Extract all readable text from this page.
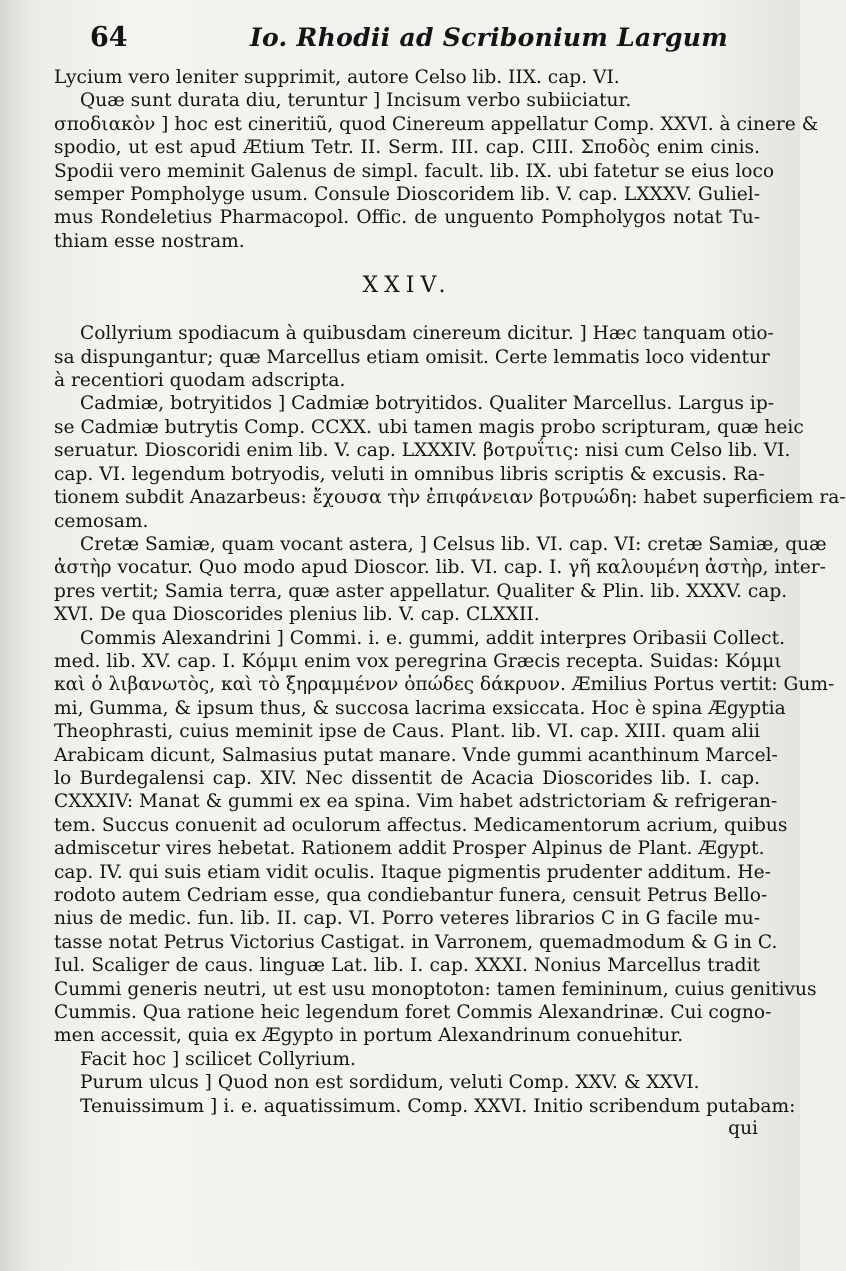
64	Io. Rhodii ad Scribonium Largum
Lycium vero leniter supprimit, autore Celso lib. IIX. cap. VI.
Quæ sunt durata diu, teruntur ] Incisum verbo subiiciatur.
σποδιακὸν ] hoc est cineritiũ, quod Cinereum appellatur Comp. XXVI. à cinere &
spodio, ut est apud Ætium Tetr. II. Serm. III. cap. CIII. Σποδὸς enim cinis.
Spodii vero meminit Galenus de simpl. facult. lib. IX. ubi fatetur se eius loco
semper Pompholyge usum. Consule Dioscoridem lib. V. cap. LXXXV. Guliel-
mus Rondeletius Pharmacopol. Offic. de unguento Pompholygos notat Tu-
thiam esse nostram.
XXIV.
Collyrium spodiacum à quibusdam cinereum dicitur. ] Hæc tanquam otio-
sa dispungantur; quæ Marcellus etiam omisit. Certe lemmatis loco videntur
à recentiori quodam adscripta.
Cadmiæ, botryitidos ] Cadmiæ botryitidos. Qualiter Marcellus. Largus ip-
se Cadmiæ butrytis Comp. CCXX. ubi tamen magis probo scripturam, quæ heic
seruatur. Dioscoridi enim lib. V. cap. LXXXIV. βοτρυΐτις: nisi cum Celso lib. VI.
cap. VI. legendum botryodis, veluti in omnibus libris scriptis & excusis. Ra-
tionem subdit Anazarbeus: ἔχουσα τὴν ἐπιφάνειαν βοτρυώδη: habet superficiem ra-
cemosam.
Cretæ Samiæ, quam vocant astera, ] Celsus lib. VI. cap. VI: cretæ Samiæ, quæ
ἀστὴρ vocatur. Quo modo apud Dioscor. lib. VI. cap. I. γῆ καλουμένη ἀστὴρ, inter-
pres vertit; Samia terra, quæ aster appellatur. Qualiter & Plin. lib. XXXV. cap.
XVI. De qua Dioscorides plenius lib. V. cap. CLXXII.
Commis Alexandrini ] Commi. i. e. gummi, addit interpres Oribasii Collect.
med. lib. XV. cap. I. Κόμμι enim vox peregrina Græcis recepta. Suidas: Κόμμι
καὶ ὁ λιβανωτὸς, καὶ τὸ ξηραμμένον ὀπώδες δάκρυον. Æmilius Portus vertit: Gum-
mi, Gumma, & ipsum thus, & succosa lacrima exsiccata. Hoc è spina Ægyptia
Theophrasti, cuius meminit ipse de Caus. Plant. lib. VI. cap. XIII. quam alii
Arabicam dicunt, Salmasius putat manare. Vnde gummi acanthinum Marcel-
lo Burdegalensi cap. XIV. Nec dissentit de Acacia Dioscorides lib. I. cap.
CXXXIV: Manat & gummi ex ea spina. Vim habet adstrictoriam & refrigeran-
tem. Succus conuenit ad oculorum affectus. Medicamentorum acrium, quibus
admiscetur vires hebetat. Rationem addit Prosper Alpinus de Plant. Ægypt.
cap. IV. qui suis etiam vidit oculis. Itaque pigmentis prudenter additum. He-
rodoto autem Cedriam esse, qua condiebantur funera, censuit Petrus Bello-
nius de medic. fun. lib. II. cap. VI. Porro veteres librarios C in G facile mu-
tasse notat Petrus Victorius Castigat. in Varronem, quemadmodum & G in C.
Iul. Scaliger de caus. linguæ Lat. lib. I. cap. XXXI. Nonius Marcellus tradit
Cummi generis neutri, ut est usu monoptoton: tamen femininum, cuius genitivus
Cummis. Qua ratione heic legendum foret Commis Alexandrinæ. Cui cogno-
men accessit, quia ex Ægypto in portum Alexandrinum conuehitur.
Facit hoc ] scilicet Collyrium.
Purum ulcus ] Quod non est sordidum, veluti Comp. XXV. & XXVI.
Tenuissimum ] i. e. aquatissimum. Comp. XXVI. Initio scribendum putabam:
qui
